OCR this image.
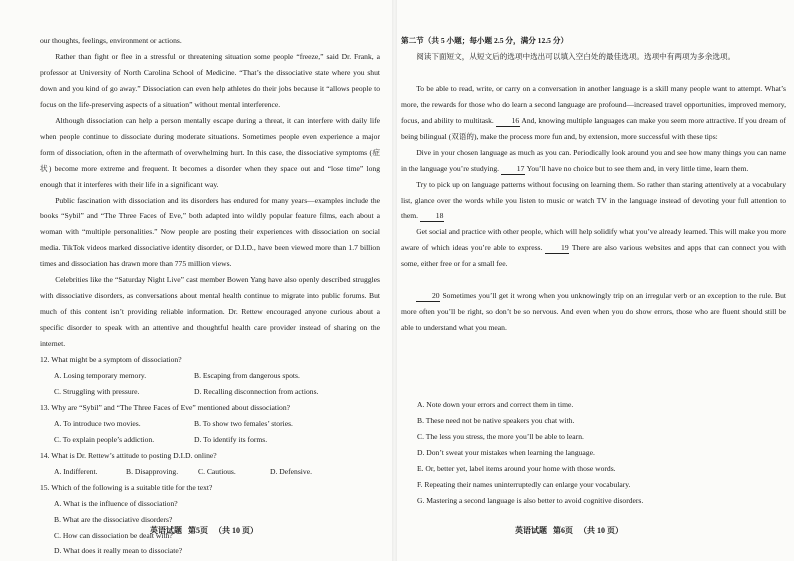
our thoughts, feelings, environment or actions.

Rather than fight or flee in a stressful or threatening situation some people “freeze,” said Dr. Frank, a professor at University of North Carolina School of Medicine. “That’s the dissociative state where you shut down and you kind of go away.” Dissociation can even help athletes do their jobs because it “allows people to focus on the life-preserving aspects of a situation” without mental interference.

Although dissociation can help a person mentally escape during a threat, it can interfere with daily life when people continue to dissociate during moderate situations. Sometimes people even experience a major form of dissociation, often in the aftermath of overwhelming hurt. In this case, the dissociative symptoms (症状) become more extreme and frequent. It becomes a disorder when they space out and “lose time” long enough that it interferes with their life in a significant way.

Public fascination with dissociation and its disorders has endured for many years—examples include the books “Sybil” and “The Three Faces of Eve,” both adapted into wildly popular feature films, each about a woman with “multiple personalities.” Now people are posting their experiences with dissociation on social media. TikTok videos marked dissociative identity disorder, or D.I.D., have been viewed more than 1.7 billion times and dissociation has drawn more than 775 million views.

Celebrities like the “Saturday Night Live” cast member Bowen Yang have also openly described struggles with dissociative disorders, as conversations about mental health continue to migrate into public forums. But much of this content isn’t providing reliable information. Dr. Rettew encouraged anyone curious about a specific disorder to speak with an attentive and thoughtful health care provider instead of sharing on the internet.

12. What might be a symptom of dissociation?
A. Losing temporary memory.	B. Escaping from dangerous spots.
C. Struggling with pressure.	D. Recalling disconnection from actions.
13. Why are “Sybil” and “The Three Faces of Eve” mentioned about dissociation?
A. To introduce two movies.	B. To show two females’ stories.
C. To explain people’s addiction.	D. To identify its forms.
14. What is Dr. Rettew’s attitude to posting D.I.D. online?
A. Indifferent.	B. Disapproving.	C. Cautious.	D. Defensive.
15. Which of the following is a suitable title for the text?
A. What is the influence of dissociation?
B. What are the dissociative disorders?
C. How can dissociation be dealt with?
D. What does it really mean to dissociate?
英语试题   第5页   （共 10 页）

第二节（共 5 小题；每小题 2.5 分，满分 12.5 分）

阅读下面短文，从短文后的选项中选出可以填入空白处的最佳选项。选项中有两项为多余选项。

To be able to read, write, or carry on a conversation in another language is a skill many people want to attempt. What’s more, the rewards for those who do learn a second language are profound—increased travel opportunities, improved memory, focus, and ability to multitask. 16 And, knowing multiple languages can make you seem more attractive. If you dream of being bilingual (双语的), make the process more fun and, by extension, more successful with these tips:

Dive in your chosen language as much as you can. Periodically look around you and see how many things you can name in the language you’re studying. 17 You’ll have no choice but to see them and, in very little time, learn them.

Try to pick up on language patterns without focusing on learning them. So rather than staring attentively at a vocabulary list, glance over the words while you listen to music or watch TV in the language instead of devoting your full attention to them. 18

Get social and practice with other people, which will help solidify what you’ve already learned. This will make you more aware of which ideas you’re able to express. 19 There are also various websites and apps that can connect you with some, either free or for a small fee.

20 Sometimes you’ll get it wrong when you unknowingly trip on an irregular verb or an exception to the rule. But more often you’ll be right, so don’t be so nervous. And even when you do show errors, those who are fluent should still be able to understand what you mean.

A. Note down your errors and correct them in time.
B. These need not be native speakers you chat with.
C. The less you stress, the more you’ll be able to learn.
D. Don’t sweat your mistakes when learning the language.
E. Or, better yet, label items around your home with those words.
F. Repeating their names uninterruptedly can enlarge your vocabulary.
G. Mastering a second language is also better to avoid cognitive disorders.
英语试题   第6页   （共 10 页）
